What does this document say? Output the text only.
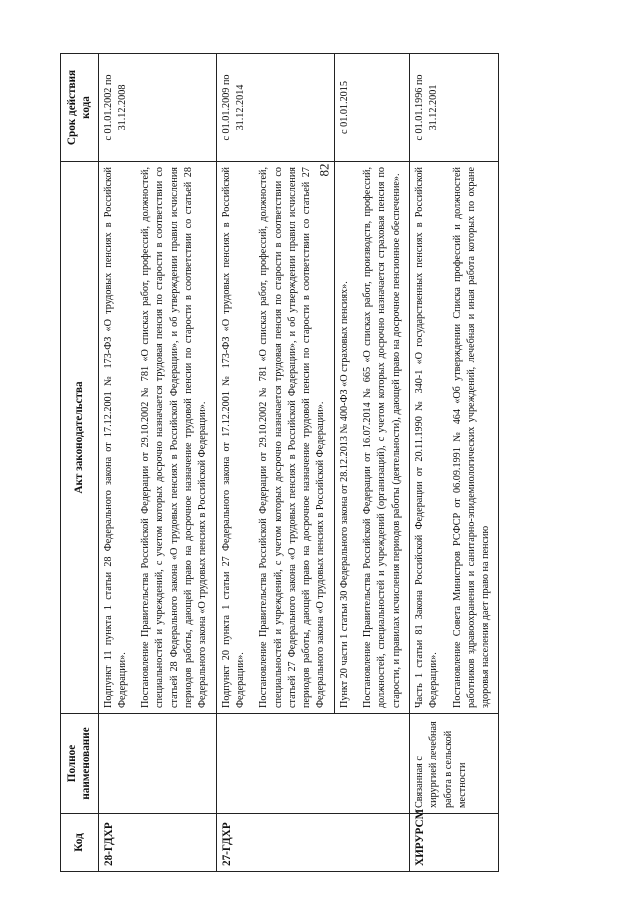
82
Код	Полное наименование	Акт законодательства	Срок действия кода
28-ГДХР		Подпункт 11 пункта 1 статьи 28 Федерального закона от 17.12.2001 № 173-ФЗ «О трудовых пенсиях в Российской Федерации». Постановление Правительства Российской Федерации от 29.10.2002 № 781 «О списках работ, профессий, должностей, специальностей и учреждений, с учетом которых досрочно назначается трудовая пенсия по старости в соответствии со статьей 28 Федерального закона «О трудовых пенсиях в Российской Федерации», и об утверждении правил исчисления периодов работы, дающей право на досрочное назначение трудовой пенсии по старости в соответствии со статьей 28 Федерального закона «О трудовых пенсиях в Российской Федерации».	с 01.01.2002 по 31.12.2008
27-ГДХР		Подпункт 20 пункта 1 статьи 27 Федерального закона от 17.12.2001 № 173-ФЗ «О трудовых пенсиях в Российской Федерации». Постановление Правительства Российской Федерации от 29.10.2002 № 781 «О списках работ, профессий, должностей, специальностей и учреждений, с учетом которых досрочно назначается трудовая пенсия по старости в соответствии со статьей 27 Федерального закона «О трудовых пенсиях в Российской Федерации», и об утверждении правил исчисления периодов работы, дающей право на досрочное назначение трудовой пенсии по старости в соответствии со статьей 27 Федерального закона «О трудовых пенсиях в Российской Федерации».	с 01.01.2009 по 31.12.2014

		Пункт 20 части 1 статьи 30 Федерального закона от 28.12.2013 № 400-ФЗ «О страховых пенсиях». Постановление Правительства Российской Федерации от 16.07.2014 № 665 «О списках работ, производств, профессий, должностей, специальностей и учреждений (организаций), с учетом которых досрочно назначается страховая пенсия по старости, и правилах исчисления периодов работы (деятельности), дающей право на досрочное пенсионное обеспечение».	с 01.01.2015
ХИРУРСМ	Связанная с хирургией лечебная работа в сельской местности	Часть 1 статьи 81 Закона Российской Федерации от 20.11.1990 № 340-1 «О государственных пенсиях в Российской Федерации». Постановление Совета Министров РСФСР от 06.09.1991 № 464 «Об утверждении Списка профессий и должностей работников здравоохранения и санитарно-эпидемиологических учреждений, лечебная и иная работа которых по охране здоровья населения дает право на пенсию	с 01.01.1996 по 31.12.2001
